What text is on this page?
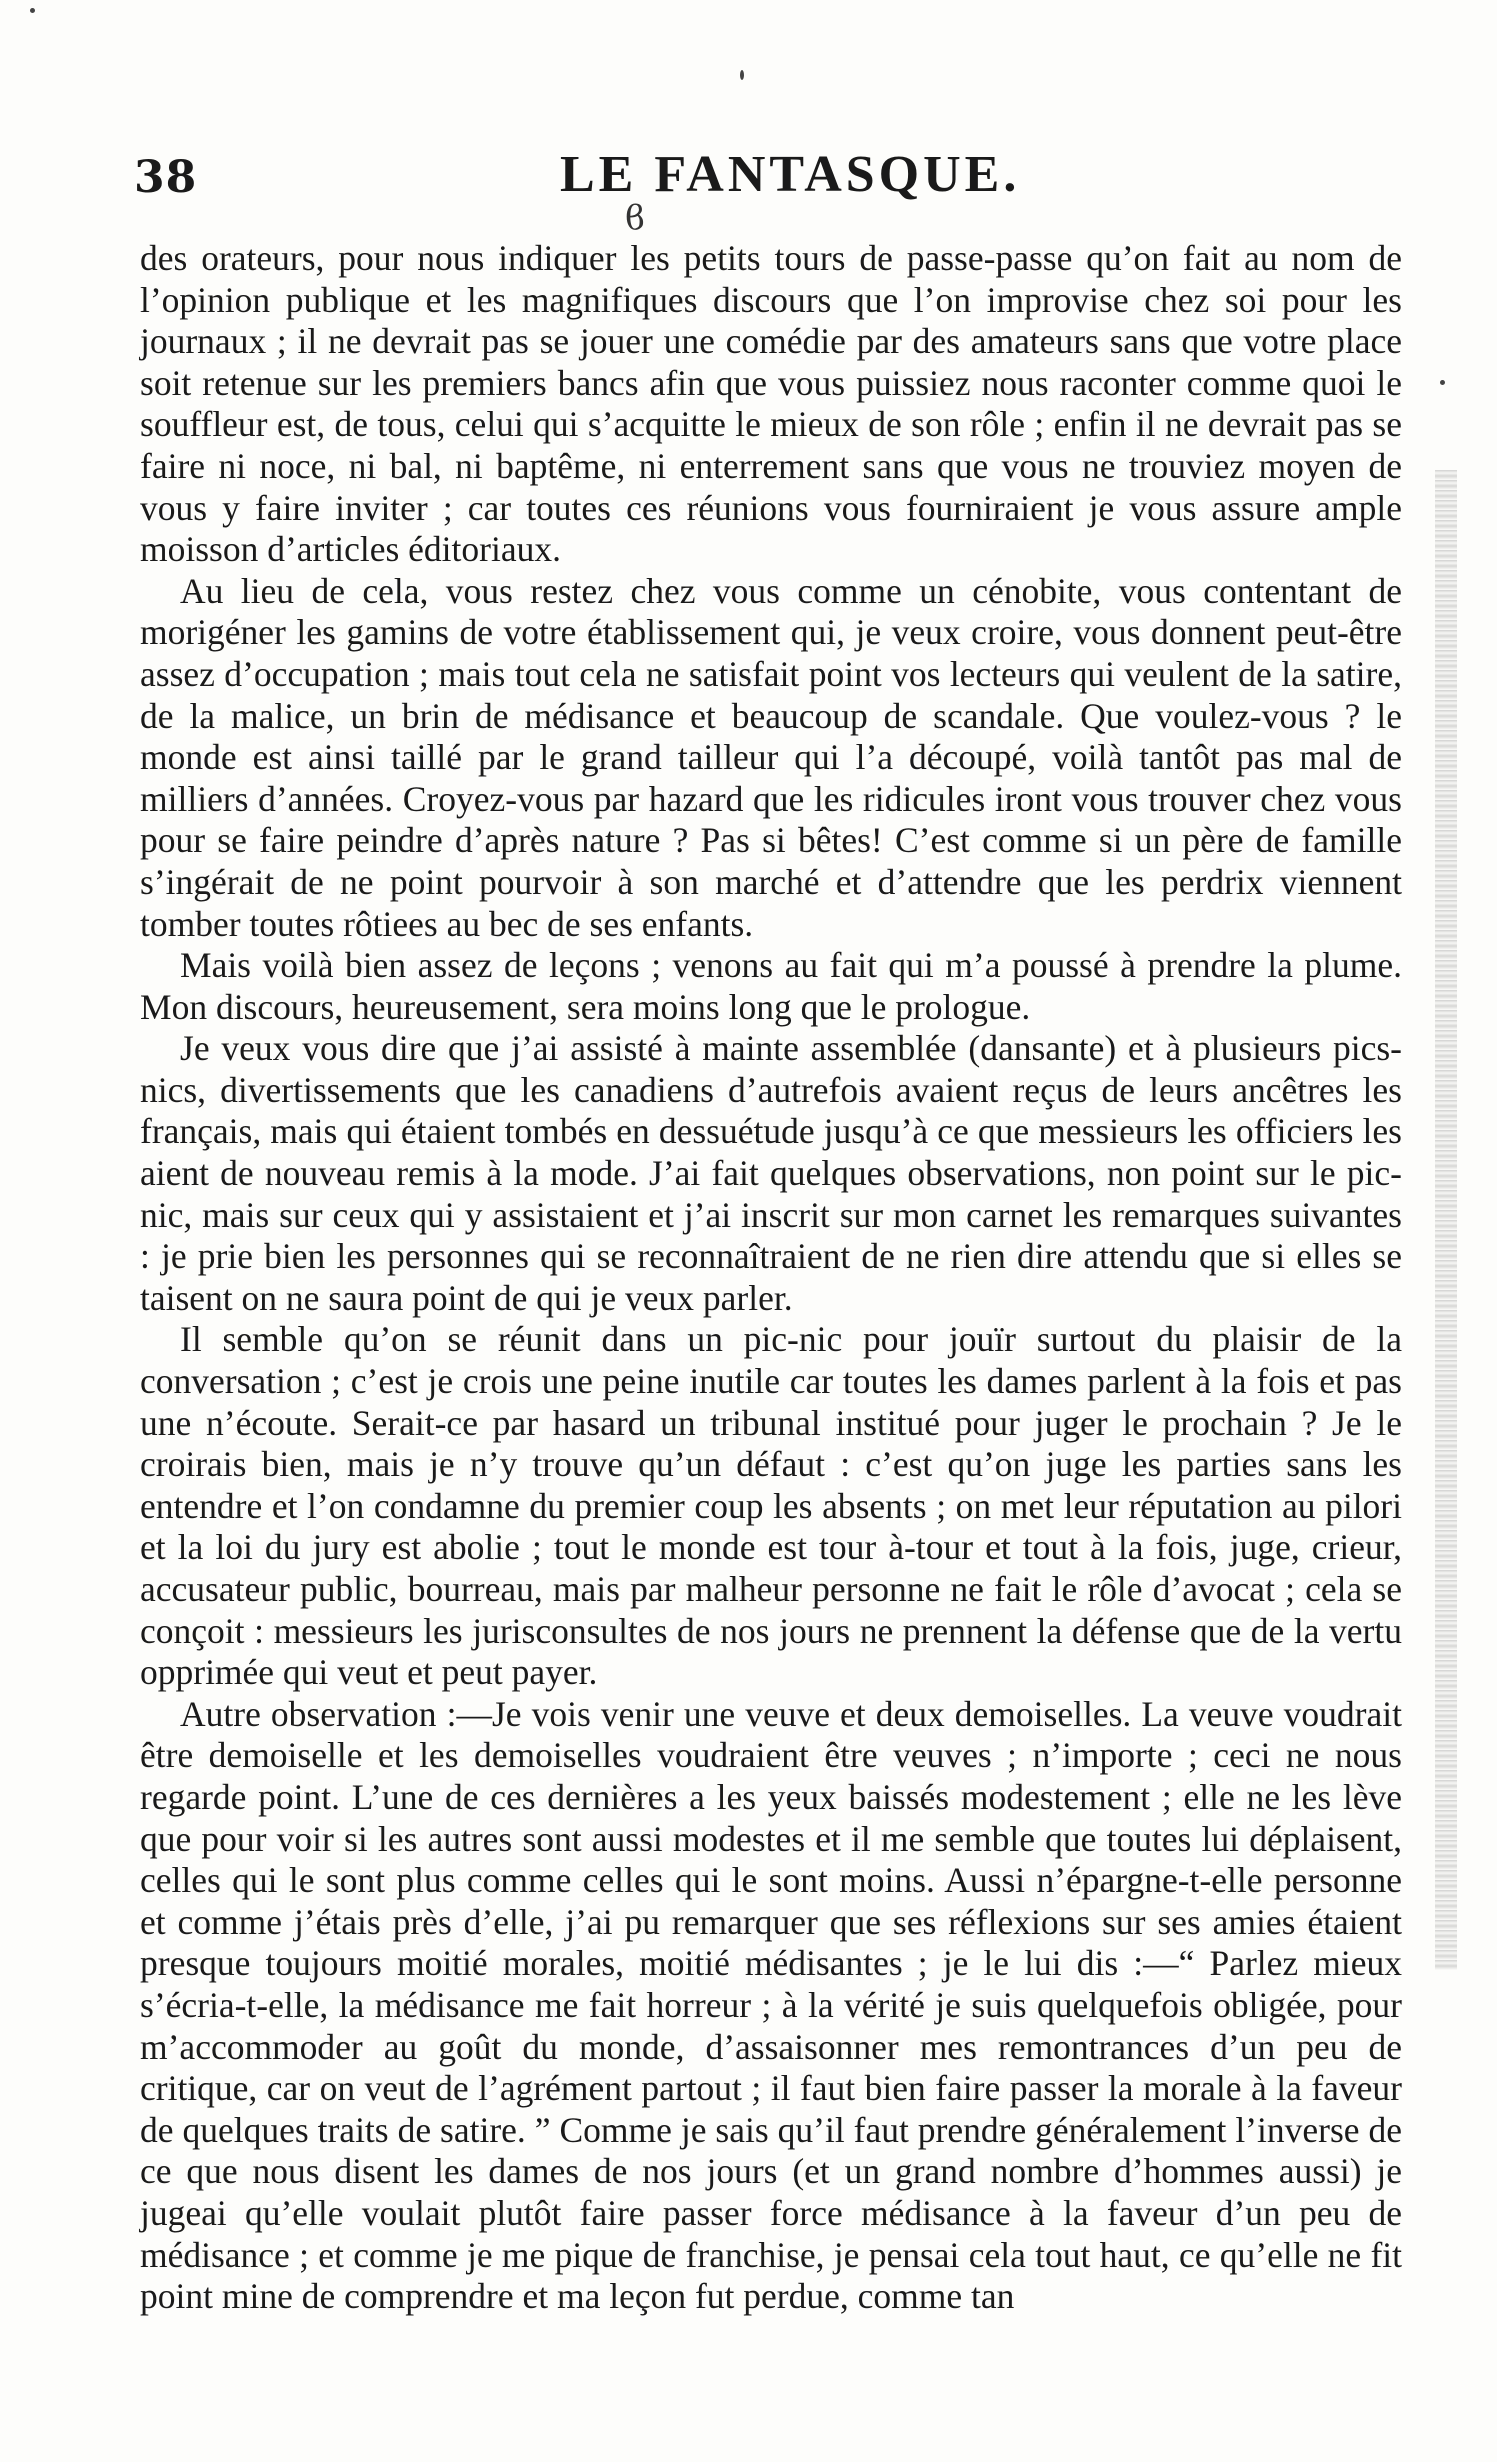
38	LE FANTASQUE.
ϐ

des orateurs, pour nous indiquer les petits tours de passe-passe qu’on fait au nom de l’opinion publique et les magnifiques discours que l’on improvise chez soi pour les journaux ; il ne devrait pas se jouer une comédie par des amateurs sans que votre place soit retenue sur les premiers bancs afin que vous puissiez nous raconter comme quoi le souffleur est, de tous, celui qui s’acquitte le mieux de son rôle ; enfin il ne devrait pas se faire ni noce, ni bal, ni baptême, ni enterrement sans que vous ne trouviez moyen de vous y faire inviter ; car toutes ces réunions vous fourniraient je vous assure ample moisson d’articles éditoriaux.

Au lieu de cela, vous restez chez vous comme un cénobite, vous contentant de morigéner les gamins de votre établissement qui, je veux croire, vous donnent peut-être assez d’occupation ; mais tout cela ne satisfait point vos lecteurs qui veulent de la satire, de la malice, un brin de médisance et beaucoup de scandale. Que voulez-vous ? le monde est ainsi taillé par le grand tailleur qui l’a découpé, voilà tantôt pas mal de milliers d’années. Croyez-vous par hazard que les ridicules iront vous trouver chez vous pour se faire peindre d’après nature ? Pas si bêtes! C’est comme si un père de famille s’ingérait de ne point pourvoir à son marché et d’attendre que les perdrix viennent tomber toutes rôtiees au bec de ses enfants.

Mais voilà bien assez de leçons ; venons au fait qui m’a poussé à prendre la plume. Mon discours, heureusement, sera moins long que le prologue.

Je veux vous dire que j’ai assisté à mainte assemblée (dansante) et à plusieurs pics-nics, divertissements que les canadiens d’autrefois avaient reçus de leurs ancêtres les français, mais qui étaient tombés en dessuétude jusqu’à ce que messieurs les officiers les aient de nouveau remis à la mode. J’ai fait quelques observations, non point sur le pic-nic, mais sur ceux qui y assistaient et j’ai inscrit sur mon carnet les remarques suivantes : je prie bien les personnes qui se reconnaîtraient de ne rien dire attendu que si elles se taisent on ne saura point de qui je veux parler.

Il semble qu’on se réunit dans un pic-nic pour jouïr surtout du plaisir de la conversation ; c’est je crois une peine inutile car toutes les dames parlent à la fois et pas une n’écoute. Serait-ce par hasard un tribunal institué pour juger le prochain ? Je le croirais bien, mais je n’y trouve qu’un défaut : c’est qu’on juge les parties sans les entendre et l’on condamne du premier coup les absents ; on met leur réputation au pilori et la loi du jury est abolie ; tout le monde est tour à-tour et tout à la fois, juge, crieur, accusateur public, bourreau, mais par malheur personne ne fait le rôle d’avocat ; cela se conçoit : messieurs les jurisconsultes de nos jours ne prennent la défense que de la vertu opprimée qui veut et peut payer.

Autre observation :—Je vois venir une veuve et deux demoiselles. La veuve voudrait être demoiselle et les demoiselles voudraient être veuves ; n’importe ; ceci ne nous regarde point. L’une de ces dernières a les yeux baissés modestement ; elle ne les lève que pour voir si les autres sont aussi modestes et il me semble que toutes lui déplaisent, celles qui le sont plus comme celles qui le sont moins. Aussi n’épargne-t-elle personne et comme j’étais près d’elle, j’ai pu remarquer que ses réflexions sur ses amies étaient presque toujours moitié morales, moitié médisantes ; je le lui dis :—“ Parlez mieux s’écria-t-elle, la médisance me fait horreur ; à la vérité je suis quelquefois obligée, pour m’accommoder au goût du monde, d’assaisonner mes remontrances d’un peu de critique, car on veut de l’agrément partout ; il faut bien faire passer la morale à la faveur de quelques traits de satire. ” Comme je sais qu’il faut prendre généralement l’inverse de ce que nous disent les dames de nos jours (et un grand nombre d’hommes aussi) je jugeai qu’elle voulait plutôt faire passer force médisance à la faveur d’un peu de médisance ; et comme je me pique de franchise, je pensai cela tout haut, ce qu’elle ne fit point mine de comprendre et ma leçon fut perdue, comme tan
